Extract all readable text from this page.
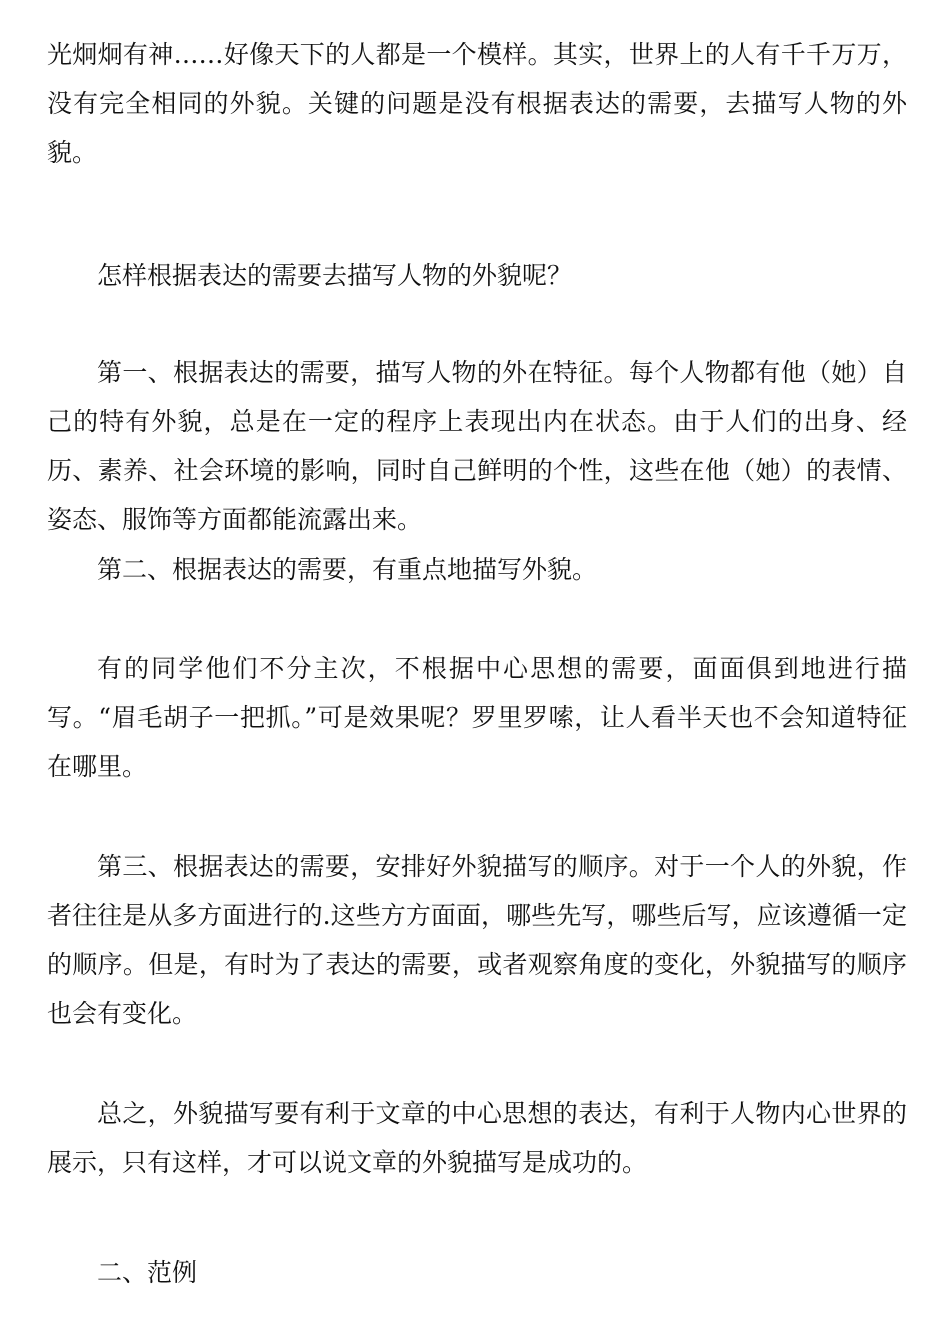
光炯炯有神……好像天下的人都是一个模样。其实，世界上的人有千千万万，没有完全相同的外貌。关键的问题是没有根据表达的需要，去描写人物的外貌。

怎样根据表达的需要去描写人物的外貌呢？

第一、根据表达的需要，描写人物的外在特征。每个人物都有他（她）自己的特有外貌，总是在一定的程序上表现出内在状态。由于人们的出身、经历、素养、社会环境的影响，同时自己鲜明的个性，这些在他（她）的表情、姿态、服饰等方面都能流露出来。

第二、根据表达的需要，有重点地描写外貌。

有的同学他们不分主次，不根据中心思想的需要，面面俱到地进行描写。“眉毛胡子一把抓。”可是效果呢？罗里罗嗦，让人看半天也不会知道特征在哪里。

第三、根据表达的需要，安排好外貌描写的顺序。对于一个人的外貌，作者往往是从多方面进行的.这些方方面面，哪些先写，哪些后写，应该遵循一定的顺序。但是，有时为了表达的需要，或者观察角度的变化，外貌描写的顺序也会有变化。

总之，外貌描写要有利于文章的中心思想的表达，有利于人物内心世界的展示，只有这样，才可以说文章的外貌描写是成功的。

二、范例
